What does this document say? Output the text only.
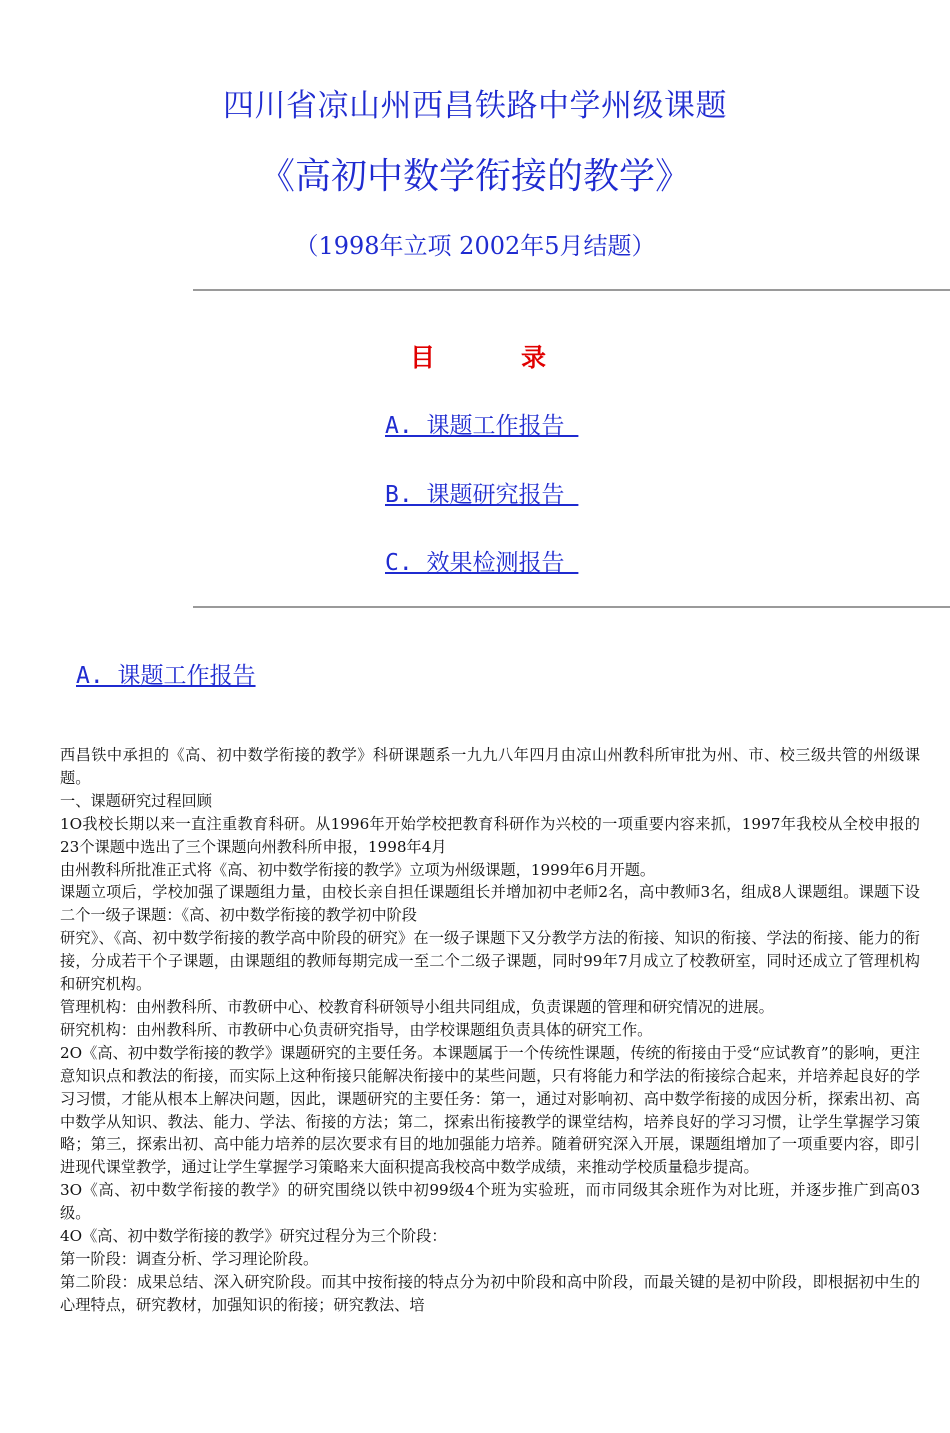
四川省凉山州西昌铁路中学州级课题
《高初中数学衔接的教学》
（1998年立项 2002年5月结题）
目	录
A. 课题工作报告
B. 课题研究报告
C. 效果检测报告
A. 课题工作报告

西昌铁中承担的《高、初中数学衔接的教学》科研课题系一九九八年四月由凉山州教科所审批为州、市、校三级共管的州级课题。

一、课题研究过程回顾

1O我校长期以来一直注重教育科研。从1996年开始学校把教育科研作为兴校的一项重要内容来抓，1997年我校从全校申报的23个课题中选出了三个课题向州教科所申报，1998年4月

由州教科所批准正式将《高、初中数学衔接的教学》立项为州级课题，1999年6月开题。

课题立项后，学校加强了课题组力量，由校长亲自担任课题组长并增加初中老师2名，高中教师3名，组成8人课题组。课题下设二个一级子课题：《高、初中数学衔接的教学初中阶段

研究》、《高、初中数学衔接的教学高中阶段的研究》在一级子课题下又分教学方法的衔接、知识的衔接、学法的衔接、能力的衔接，分成若干个子课题，由课题组的教师每期完成一至二个二级子课题，同时99年7月成立了校教研室，同时还成立了管理机构和研究机构。

管理机构：由州教科所、市教研中心、校教育科研领导小组共同组成，负责课题的管理和研究情况的进展。

研究机构：由州教科所、市教研中心负责研究指导，由学校课题组负责具体的研究工作。

2O《高、初中数学衔接的教学》课题研究的主要任务。本课题属于一个传统性课题，传统的衔接由于受“应试教育”的影响，更注意知识点和教法的衔接，而实际上这种衔接只能解决衔接中的某些问题，只有将能力和学法的衔接综合起来，并培养起良好的学习习惯，才能从根本上解决问题，因此，课题研究的主要任务：第一，通过对影响初、高中数学衔接的成因分析，探索出初、高中数学从知识、教法、能力、学法、衔接的方法；第二，探索出衔接教学的课堂结构，培养良好的学习习惯，让学生掌握学习策略；第三，探索出初、高中能力培养的层次要求有目的地加强能力培养。随着研究深入开展，课题组增加了一项重要内容，即引进现代课堂教学，通过让学生掌握学习策略来大面积提高我校高中数学成绩，来推动学校质量稳步提高。

3O《高、初中数学衔接的教学》的研究围绕以铁中初99级4个班为实验班，而市同级其余班作为对比班，并逐步推广到高03级。

4O《高、初中数学衔接的教学》研究过程分为三个阶段：

第一阶段：调查分析、学习理论阶段。

第二阶段：成果总结、深入研究阶段。而其中按衔接的特点分为初中阶段和高中阶段，而最关键的是初中阶段，即根据初中生的心理特点，研究教材，加强知识的衔接；研究教法、培
